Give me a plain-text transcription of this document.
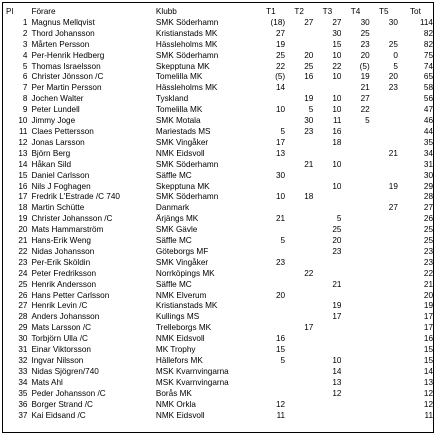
Pl	Förare	Klubb	T1	T2	T3	T4	T5	Tot
1	Magnus Mellqvist	SMK Söderhamn	(18)	27	27	30	30	114
2	Thord Johansson	Kristianstads MK	27		30	25		82
3	Mårten Persson	Hässleholms MK	19		15	23	25	82
4	Per-Henrik Hedberg	SMK Söderhamn	25	20	10	20	0	75
5	Thomas Israelsson	Skepptuna MK	22	25	22	(5)	5	74
6	Christer Jönsson /C	Tomelilla MK	(5)	16	10	19	20	65
7	Per Martin Persson	Hässleholms MK	14			21	23	58
8	Jochen Walter	Tyskland		19	10	27		56
9	Peter Lundell	Tomelilla MK	10	5	10	22		47
10	Jimmy Joge	SMK Motala		30	11	5		46
11	Claes Pettersson	Mariestads MS	5	23	16			44
12	Jonas Larsson	SMK Vingåker	17		18			35
13	Björn Berg	NMK Eidsvoll	13				21	34
14	Håkan Sild	SMK Söderhamn		21	10			31
15	Daniel Carlsson	Säffle MC	30					30
16	Nils J Foghagen	Skepptuna MK			10		19	29
17	Fredrik L'Estrade /C 740	SMK Söderhamn	10	18				28
18	Martin Schütte	Danmark					27	27
19	Christer Johansson /C	Årjängs MK	21		5			26
20	Mats Hammarström	SMK Gävle			25			25
21	Hans-Erik Weng	Säffle MC	5		20			25
22	Nidas Johansson	Göteborgs MF			23			23
23	Per-Erik Sköldin	SMK Vingåker	23					23
24	Peter Fredriksson	Norrköpings MK		22				22
25	Henrik Andersson	Säffle MC			21			21
26	Hans Petter Carlsson	NMK Elverum	20					20
27	Henrik Levin /C	Kristianstads MK			19			19
28	Anders Johansson	Kullings MS			17			17
29	Mats Larsson /C	Trelleborgs MK		17				17
30	Torbjörn Ulla /C	NMK Eidsvoll	16					16
31	Einar Viktorsson	MK Trophy	15					15
32	Ingvar Nilsson	Hällefors MK	5		10			15
33	Nidas Sjögren/740	MSK Kvarnvingarna			14			14
34	Mats Ahl	MSK Kvarnvingarna			13			13
35	Peder Johansson /C	Borås MK			12			12
36	Borger Strand /C	NMK Orkla	12					12
37	Kai Eidsand /C	NMK Eidsvoll	11					11
